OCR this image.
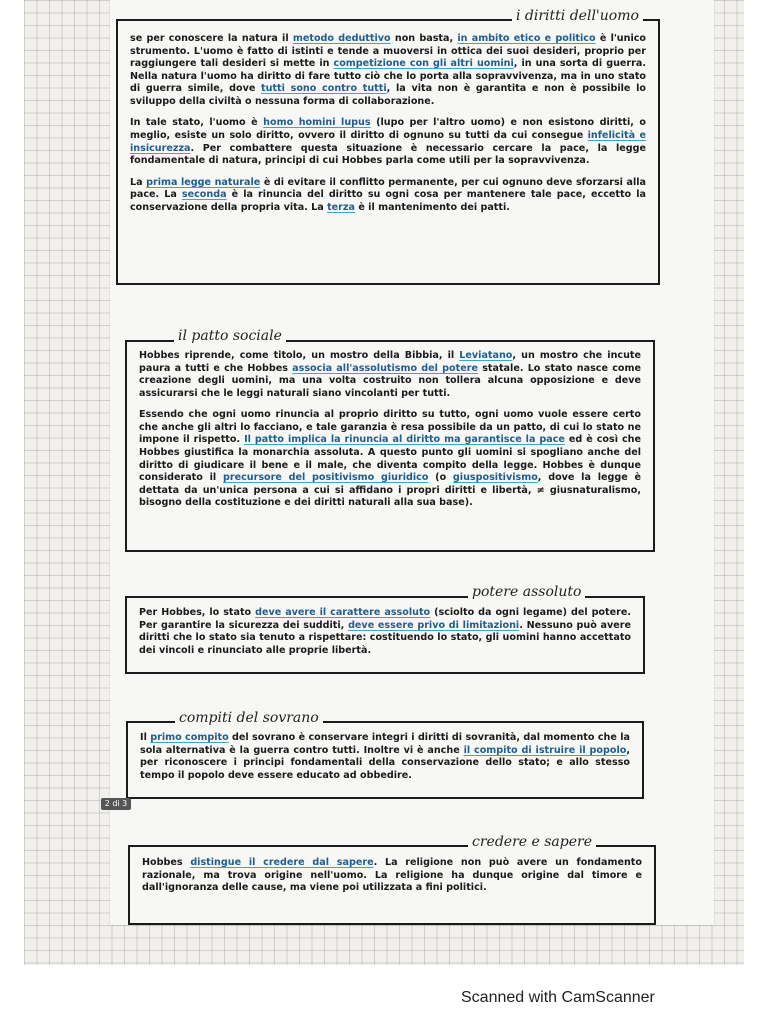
se per conoscere la natura il metodo deduttivo non basta, in ambito etico e politico è l'unico strumento. L'uomo è fatto di istinti e tende a muoversi in ottica dei suoi desideri, proprio per raggiungere tali desideri si mette in competizione con gli altri uomini, in una sorta di guerra. Nella natura l'uomo ha diritto di fare tutto ciò che lo porta alla sopravvivenza, ma in uno stato di guerra simile, dove tutti sono contro tutti, la vita non è garantita e non è possibile lo sviluppo della civiltà o nessuna forma di collaborazione.

In tale stato, l'uomo è homo homini lupus (lupo per l'altro uomo) e non esistono diritti, o meglio, esiste un solo diritto, ovvero il diritto di ognuno su tutti da cui consegue infelicità e insicurezza. Per combattere questa situazione è necessario cercare la pace, la legge fondamentale di natura, principi di cui Hobbes parla come utili per la sopravvivenza.

La prima legge naturale è di evitare il conflitto permanente, per cui ognuno deve sforzarsi alla pace. La seconda è la rinuncia del diritto su ogni cosa per mantenere tale pace, eccetto la conservazione della propria vita. La terza è il mantenimento dei patti.

i diritti dell'uomo

Hobbes riprende, come titolo, un mostro della Bibbia, il Leviatano, un mostro che incute paura a tutti e che Hobbes associa all'assolutismo del potere statale. Lo stato nasce come creazione degli uomini, ma una volta costruito non tollera alcuna opposizione e deve assicurarsi che le leggi naturali siano vincolanti per tutti.

Essendo che ogni uomo rinuncia al proprio diritto su tutto, ogni uomo vuole essere certo che anche gli altri lo facciano, e tale garanzia è resa possibile da un patto, di cui lo stato ne impone il rispetto. Il patto implica la rinuncia al diritto ma garantisce la pace ed è così che Hobbes giustifica la monarchia assoluta. A questo punto gli uomini si spogliano anche del diritto di giudicare il bene e il male, che diventa compito della legge. Hobbes è dunque considerato il precursore del positivismo giuridico (o giuspositivismo, dove la legge è dettata da un'unica persona a cui si affidano i propri diritti e libertà, ≠ giusnaturalismo, bisogno della costituzione e dei diritti naturali alla sua base).

il patto sociale

Per Hobbes, lo stato deve avere il carattere assoluto (sciolto da ogni legame) del potere. Per garantire la sicurezza dei sudditi, deve essere privo di limitazioni. Nessuno può avere diritti che lo stato sia tenuto a rispettare: costituendo lo stato, gli uomini hanno accettato dei vincoli e rinunciato alle proprie libertà.

potere assoluto

Il primo compito del sovrano è conservare integri i diritti di sovranità, dal momento che la sola alternativa è la guerra contro tutti. Inoltre vi è anche il compito di istruire il popolo, per riconoscere i principi fondamentali della conservazione dello stato; e allo stesso tempo il popolo deve essere educato ad obbedire.

compiti del sovrano

Hobbes distingue il credere dal sapere. La religione non può avere un fondamento razionale, ma trova origine nell'uomo. La religione ha dunque origine dal timore e dall'ignoranza delle cause, ma viene poi utilizzata a fini politici.

credere e sapere
2 di 3
Scanned with CamScanner
